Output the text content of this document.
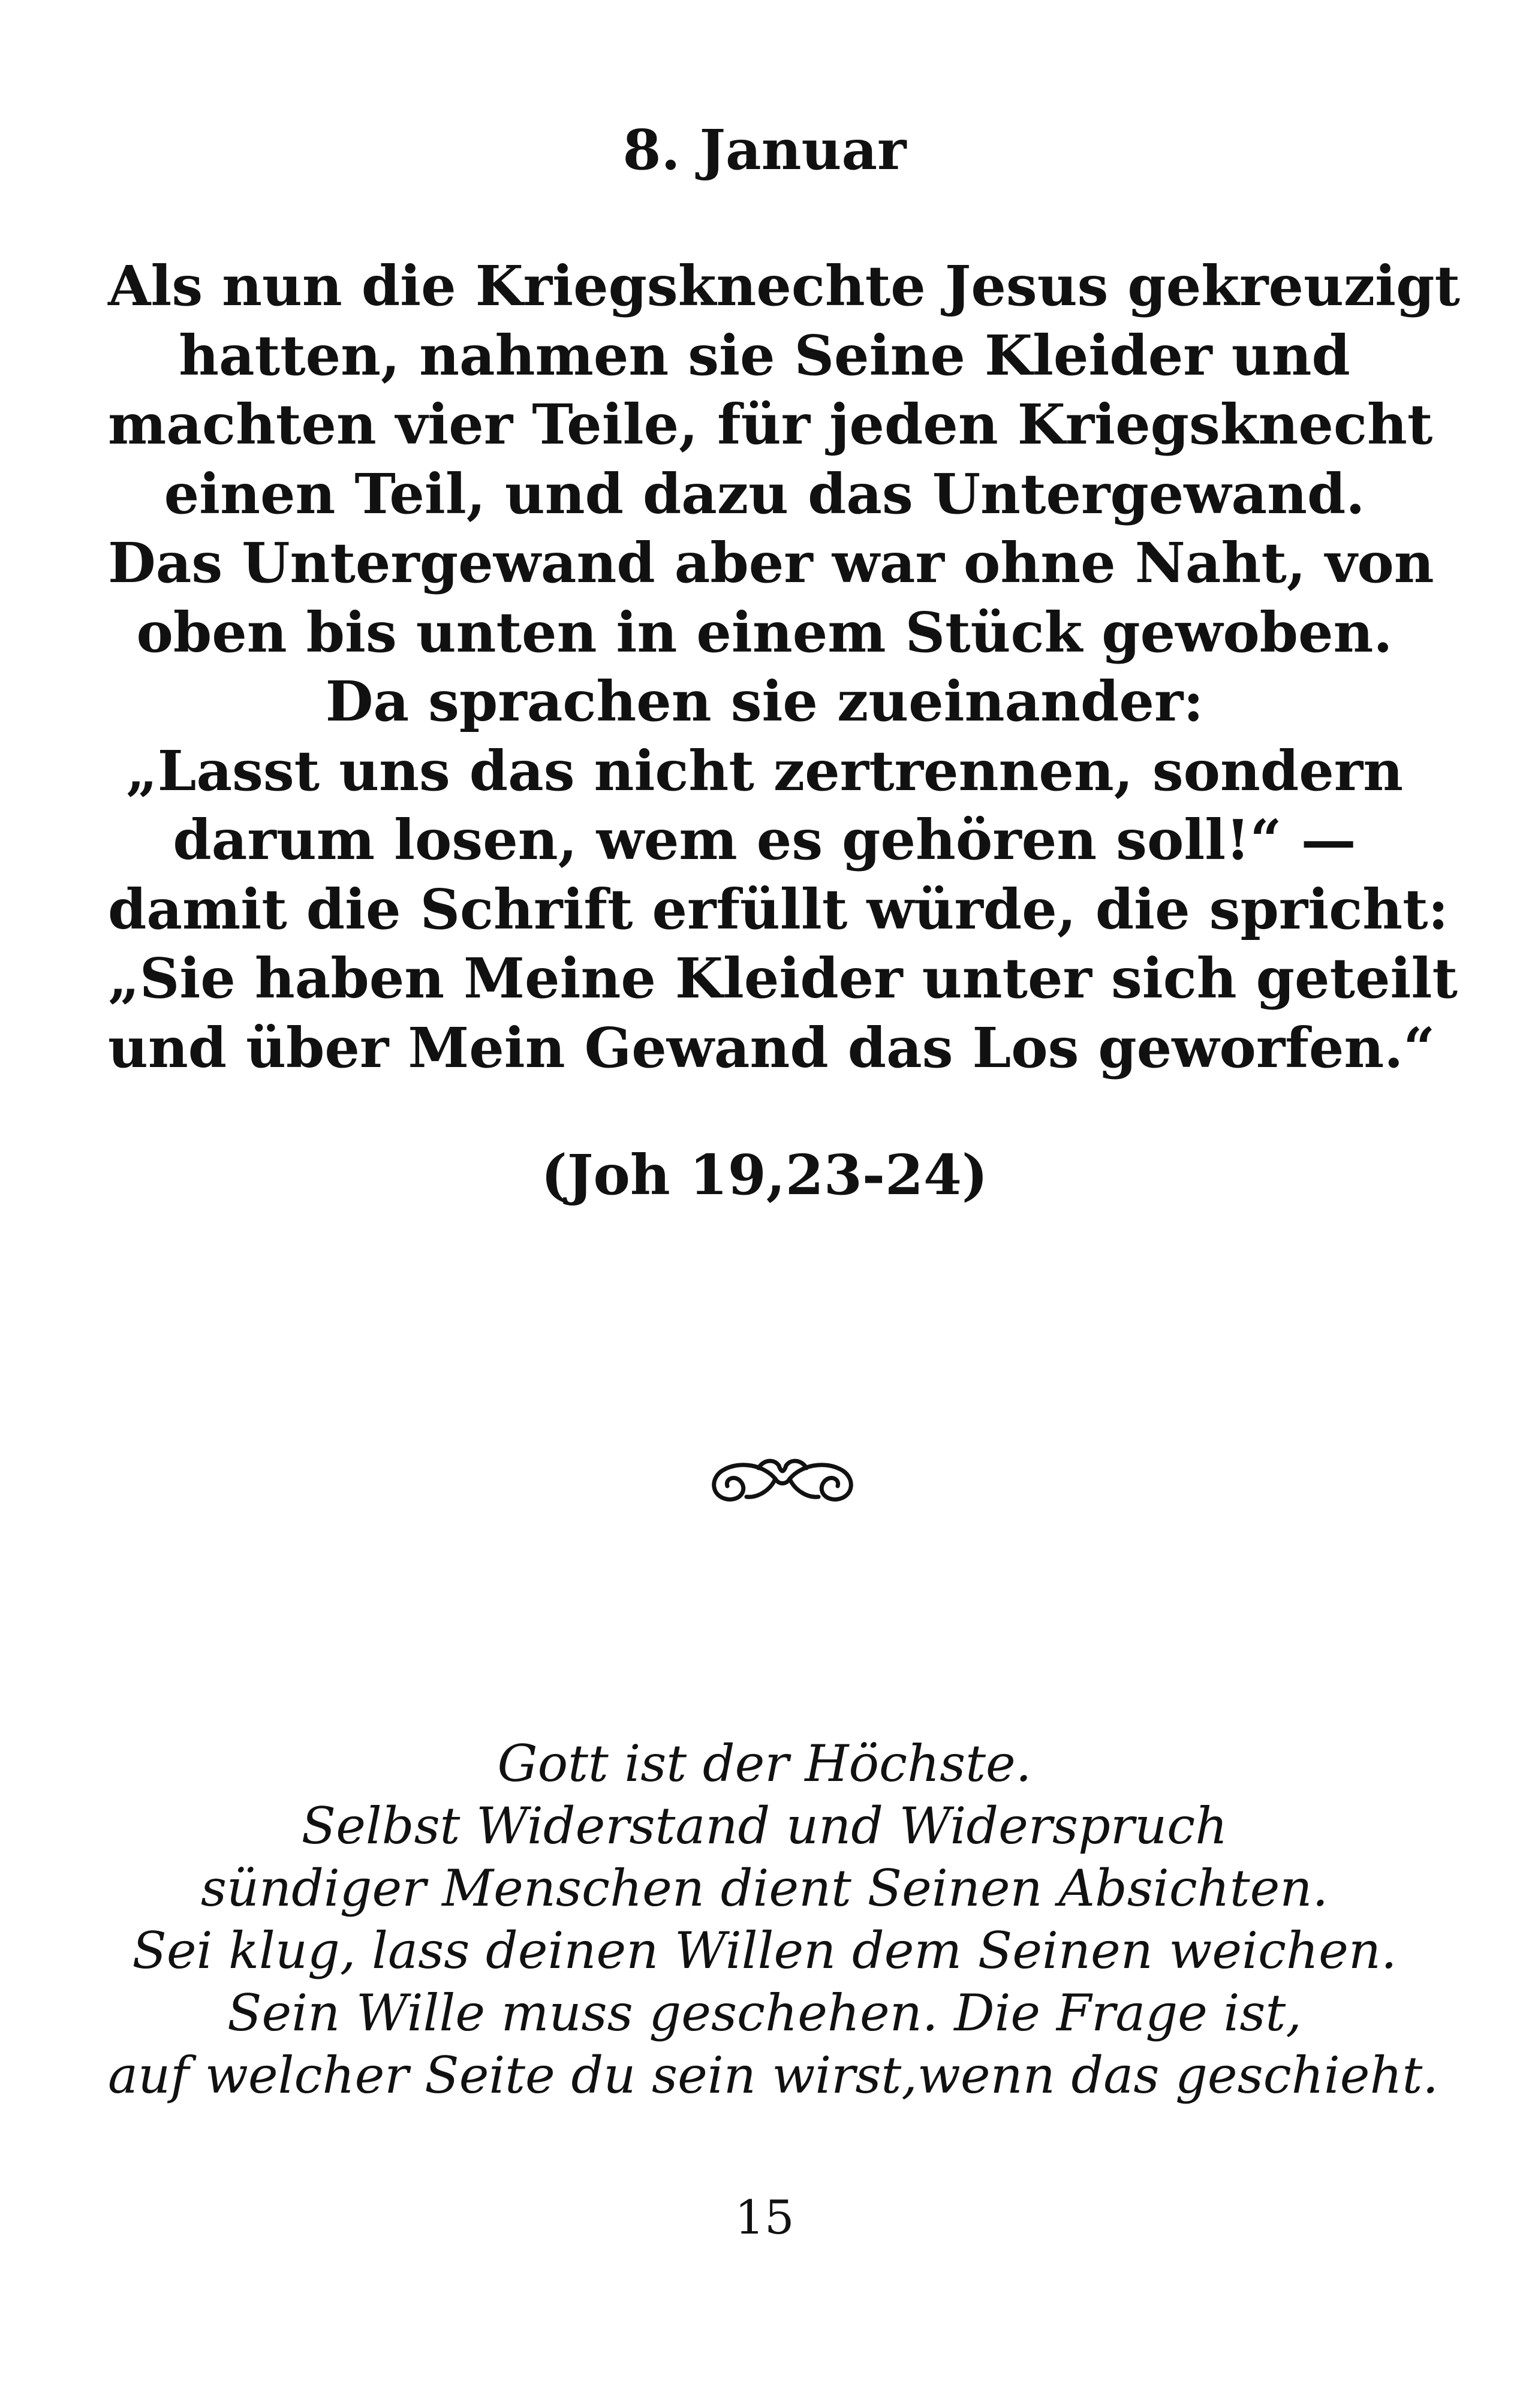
8. Januar
Als nun die Kriegsknechte Jesus gekreuzigt
hatten, nahmen sie Seine Kleider und
machten vier Teile, für jeden Kriegsknecht
einen Teil, und dazu das Untergewand.
Das Untergewand aber war ohne Naht, von
oben bis unten in einem Stück gewoben.
Da sprachen sie zueinander:
„Lasst uns das nicht zertrennen, sondern
darum losen, wem es gehören soll!“ —
damit die Schrift erfüllt würde, die spricht:
„Sie haben Meine Kleider unter sich geteilt
und über Mein Gewand das Los geworfen.“
(Joh 19,23-24)
Gott ist der Höchste.
Selbst Widerstand und Widerspruch
sündiger Menschen dient Seinen Absichten.
Sei klug, lass deinen Willen dem Seinen weichen.
Sein Wille muss geschehen. Die Frage ist,
auf welcher Seite du sein wirst,wenn das geschieht.
15
